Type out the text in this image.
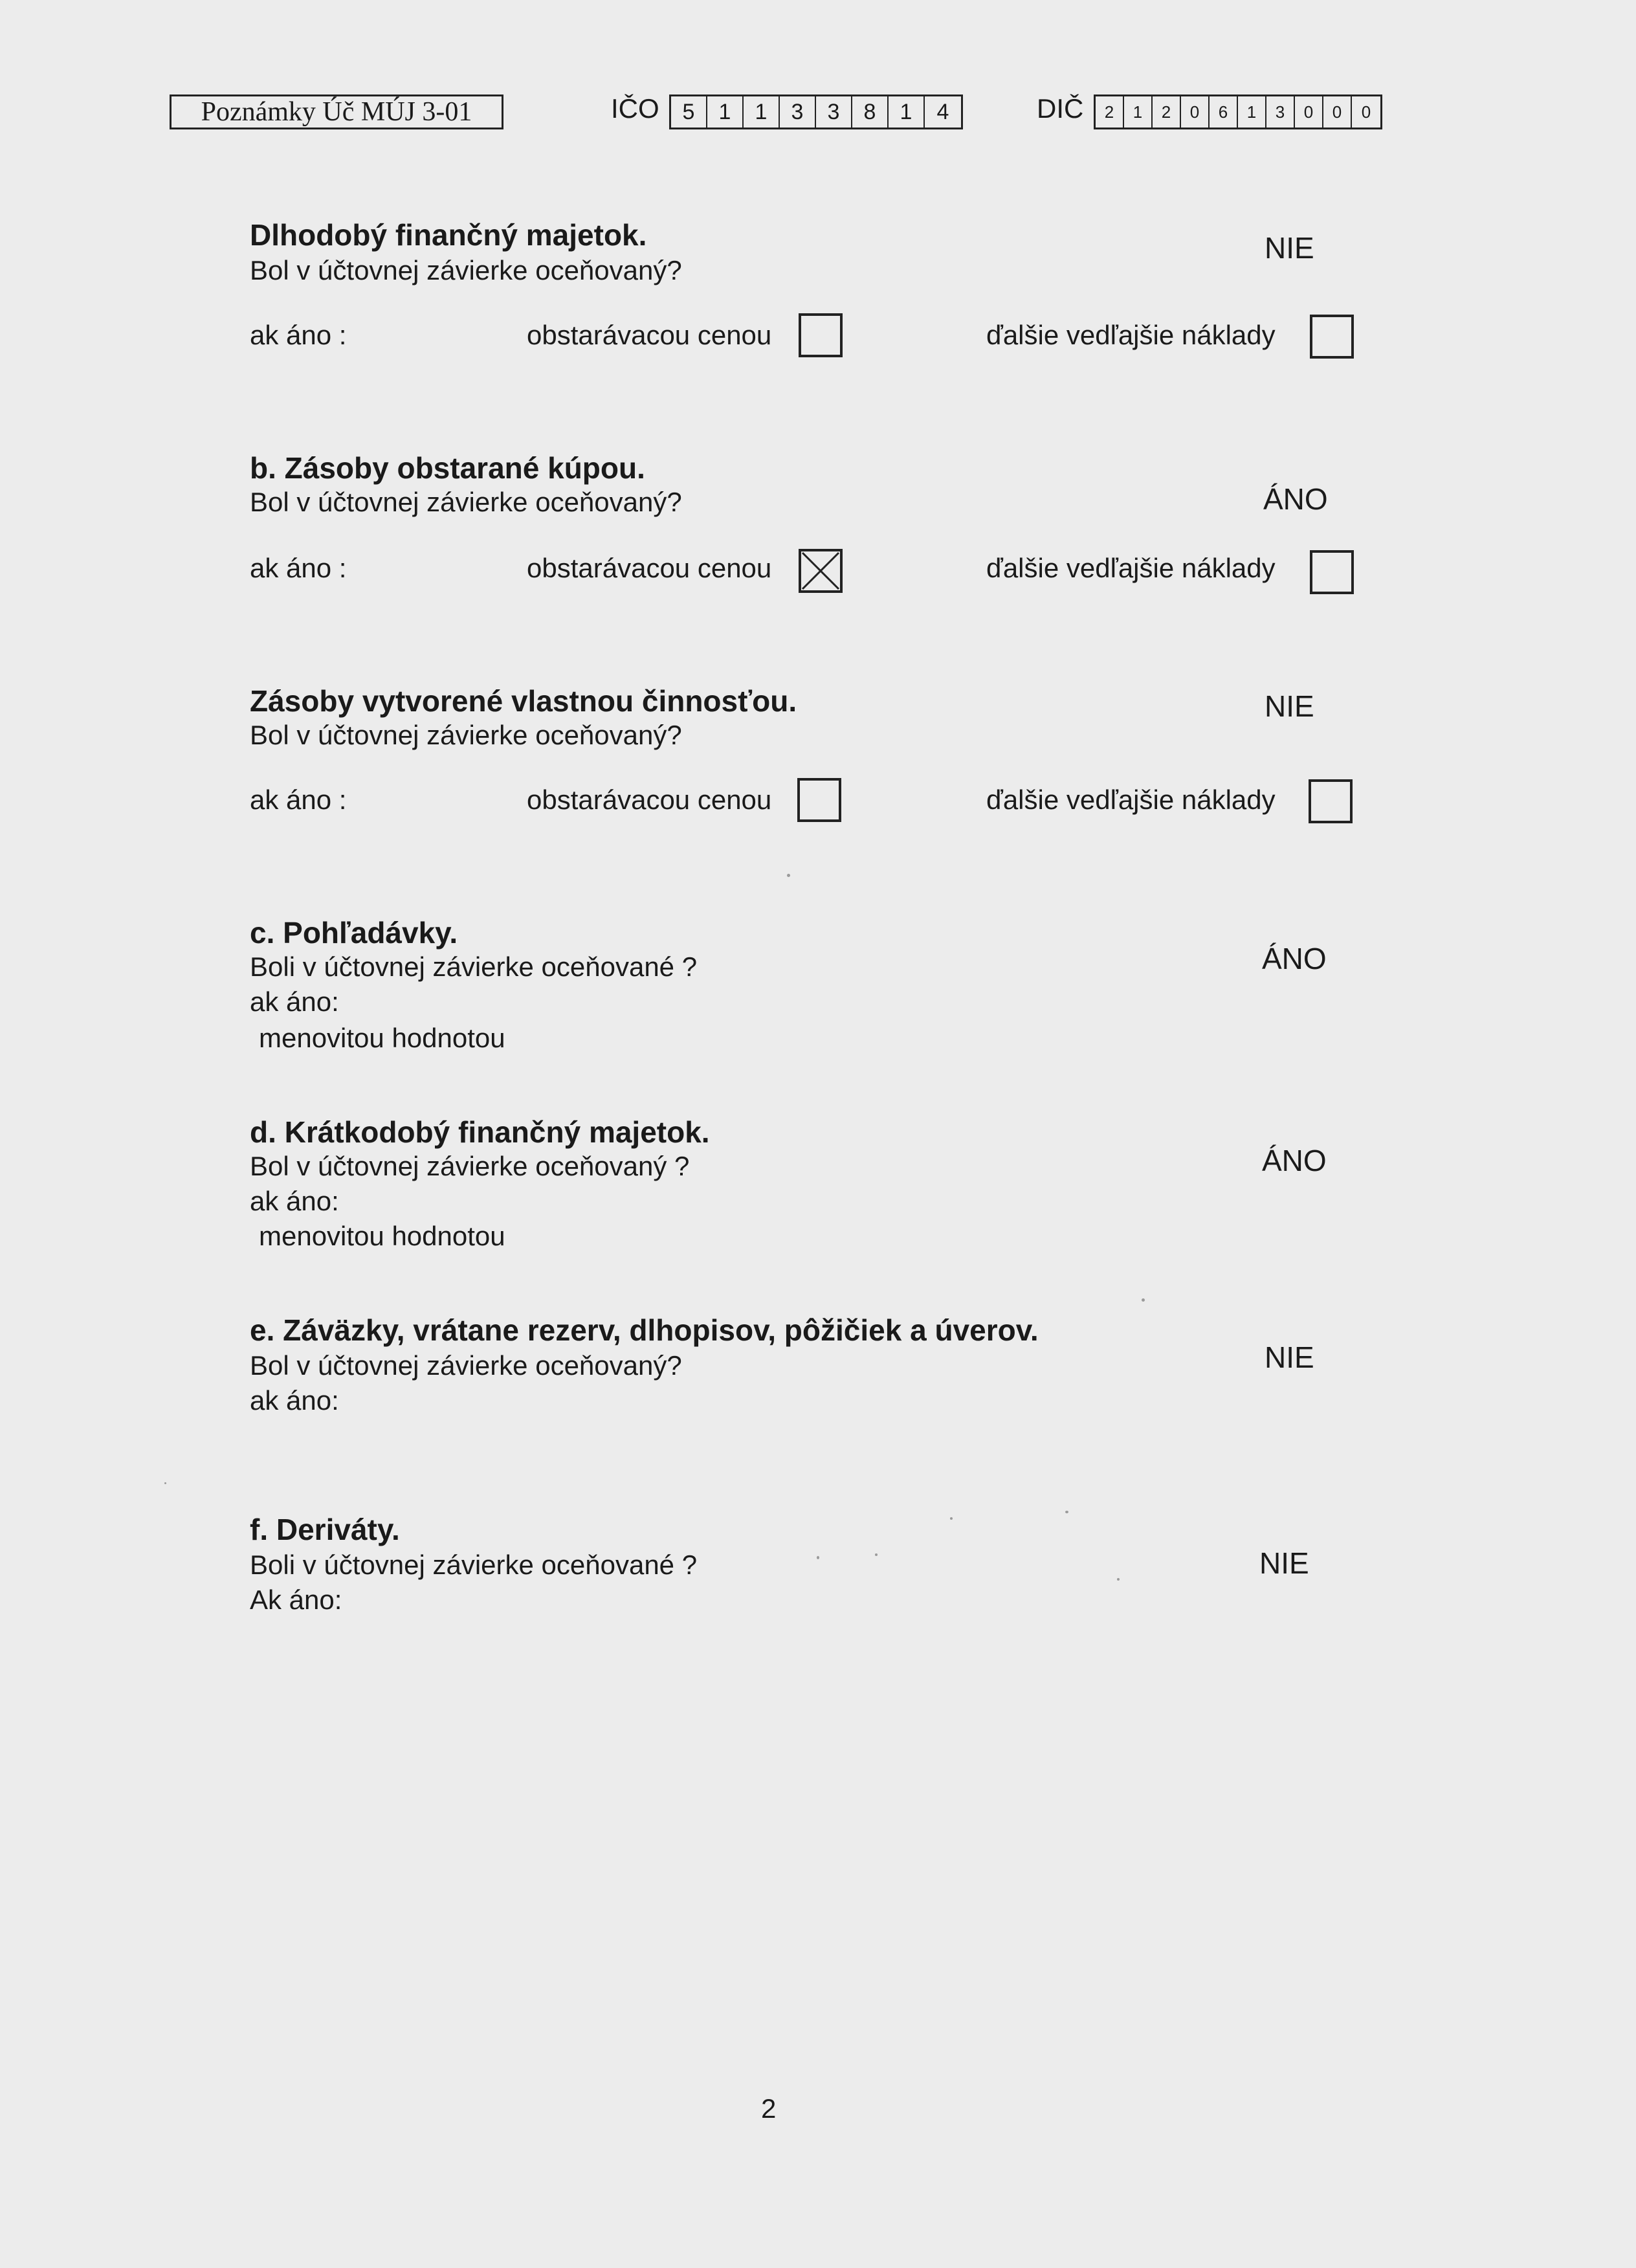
Poznámky Úč MÚJ 3-01	IČO	5	1	1	3	3	8	1	4	DIČ	2	1	2	0	6	1	3	0	0	0
Dlhodobý finančný majetok.
Bol v účtovnej závierke oceňovaný?
NIE
ak áno :	obstarávacou cenou	ďalšie vedľajšie náklady
b. Zásoby obstarané kúpou.
Bol v účtovnej závierke oceňovaný?	ÁNO
ak áno :	obstarávacou cenou	ďalšie vedľajšie náklady
Zásoby vytvorené vlastnou činnosťou.
Bol v účtovnej závierke oceňovaný?
NIE
ak áno :	obstarávacou cenou	ďalšie vedľajšie náklady
c. Pohľadávky.
Boli v účtovnej závierke oceňované ?	ÁNO
ak áno:
menovitou hodnotou
d. Krátkodobý finančný majetok.
Bol v účtovnej závierke oceňovaný ?	ÁNO
ak áno:
menovitou hodnotou
e. Záväzky, vrátane rezerv, dlhopisov, pôžičiek a úverov.
Bol v účtovnej závierke oceňovaný?	NIE
ak áno:
f. Deriváty.
Boli v účtovnej závierke oceňované ?	NIE
Ak áno:
2
